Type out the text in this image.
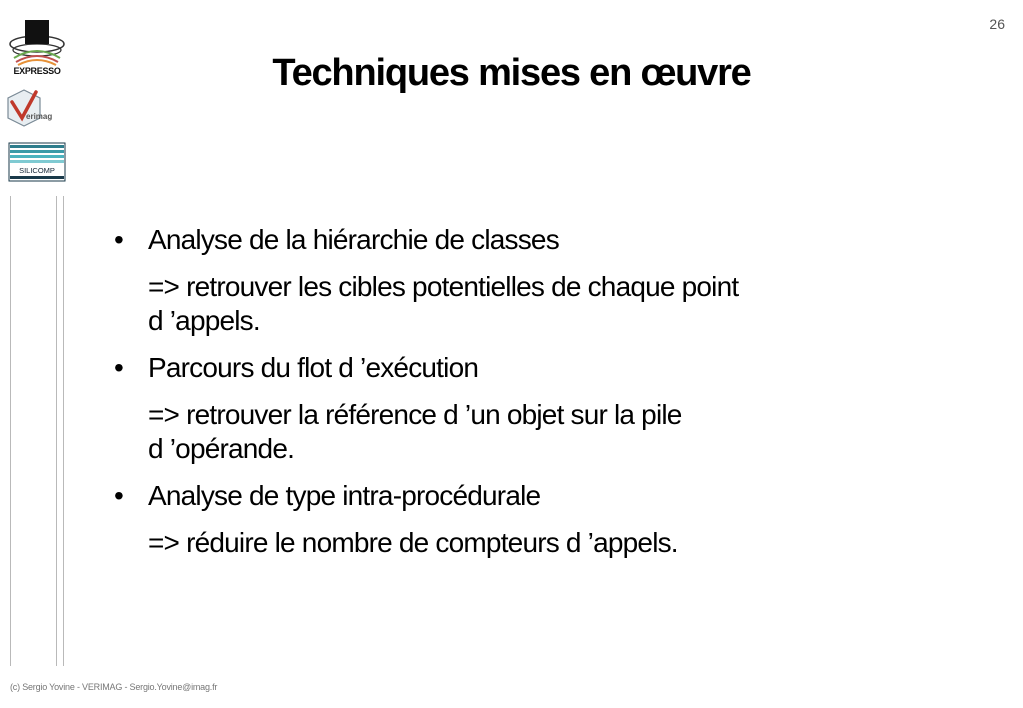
EXPRESSO
erimag
SILICOMP
26
Techniques mises en œuvre
• Analyse de la hiérarchie de classes
=> retrouver les cibles potentielles de chaque point
d ’appels.
• Parcours du flot d ’exécution
=> retrouver la référence d ’un objet sur la pile
d ’opérande.
• Analyse de type intra-procédurale
=> réduire le nombre de compteurs d ’appels.
(c) Sergio Yovine - VERIMAG - Sergio.Yovine@imag.fr
